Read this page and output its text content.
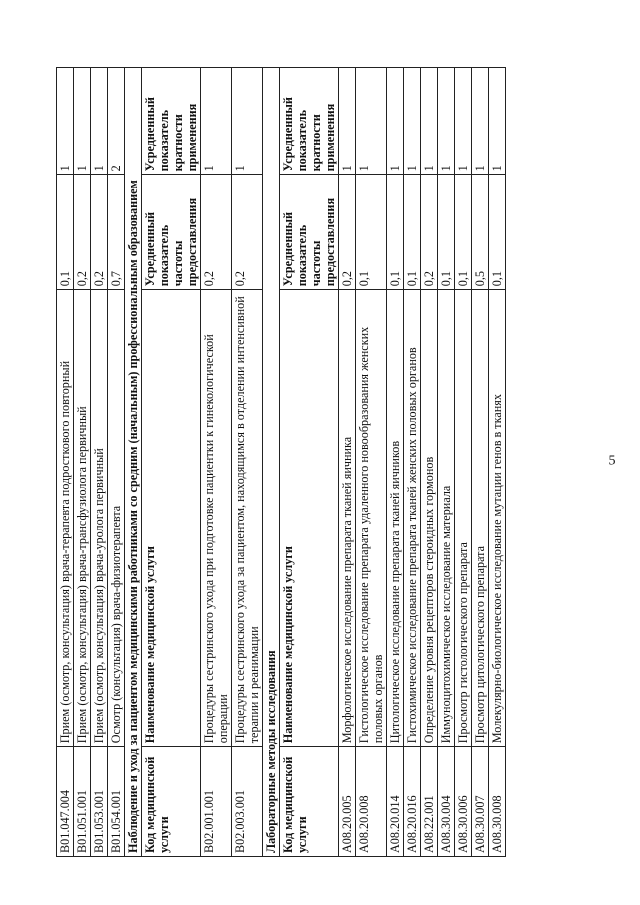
5
B01.047.004	Прием (осмотр, консультация) врача-терапевта подросткового повторный	0,1	1
B01.051.001	Прием (осмотр, консультация) врача-трансфузиолога первичный	0,2	1
B01.053.001	Прием (осмотр, консультация) врача-уролога первичный	0,2	1
B01.054.001	Осмотр (консультация) врача-физиотерапевта	0,7	2
Наблюдение и уход за пациентом медицинскими работниками со средним (начальным) профессиональным образованием			
Код медицинской услуги	Наименование медицинской услуги	Усредненный показатель частоты предоставления	Усредненный показатель кратности применения
B02.001.001	Процедуры сестринского ухода при подготовке пациентки к гинекологической операции	0,2	1
B02.003.001	Процедуры сестринского ухода за пациентом, находящимся в отделении интенсивной терапии и реанимации	0,2	1
Лабораторные методы исследования			
Код медицинской услуги	Наименование медицинской услуги	Усредненный показатель частоты предоставления	Усредненный показатель кратности применения
A08.20.005	Морфологическое исследование препарата тканей яичника	0,2	1
A08.20.008	Гистологическое исследование препарата удаленного новообразования женских половых органов	0,1	1
A08.20.014	Цитологическое исследование препарата тканей яичников	0,1	1
A08.20.016	Гистохимическое исследование препарата тканей женских половых органов	0,1	1
A08.22.001	Определение уровня рецепторов стероидных гормонов	0,2	1
A08.30.004	Иммуноцитохимическое исследование материала	0,1	1
A08.30.006	Просмотр гистологического препарата	0,1	1
A08.30.007	Просмотр цитологического препарата	0,5	1
A08.30.008	Молекулярно-биологическое исследование мутации генов в тканях	0,1	1
